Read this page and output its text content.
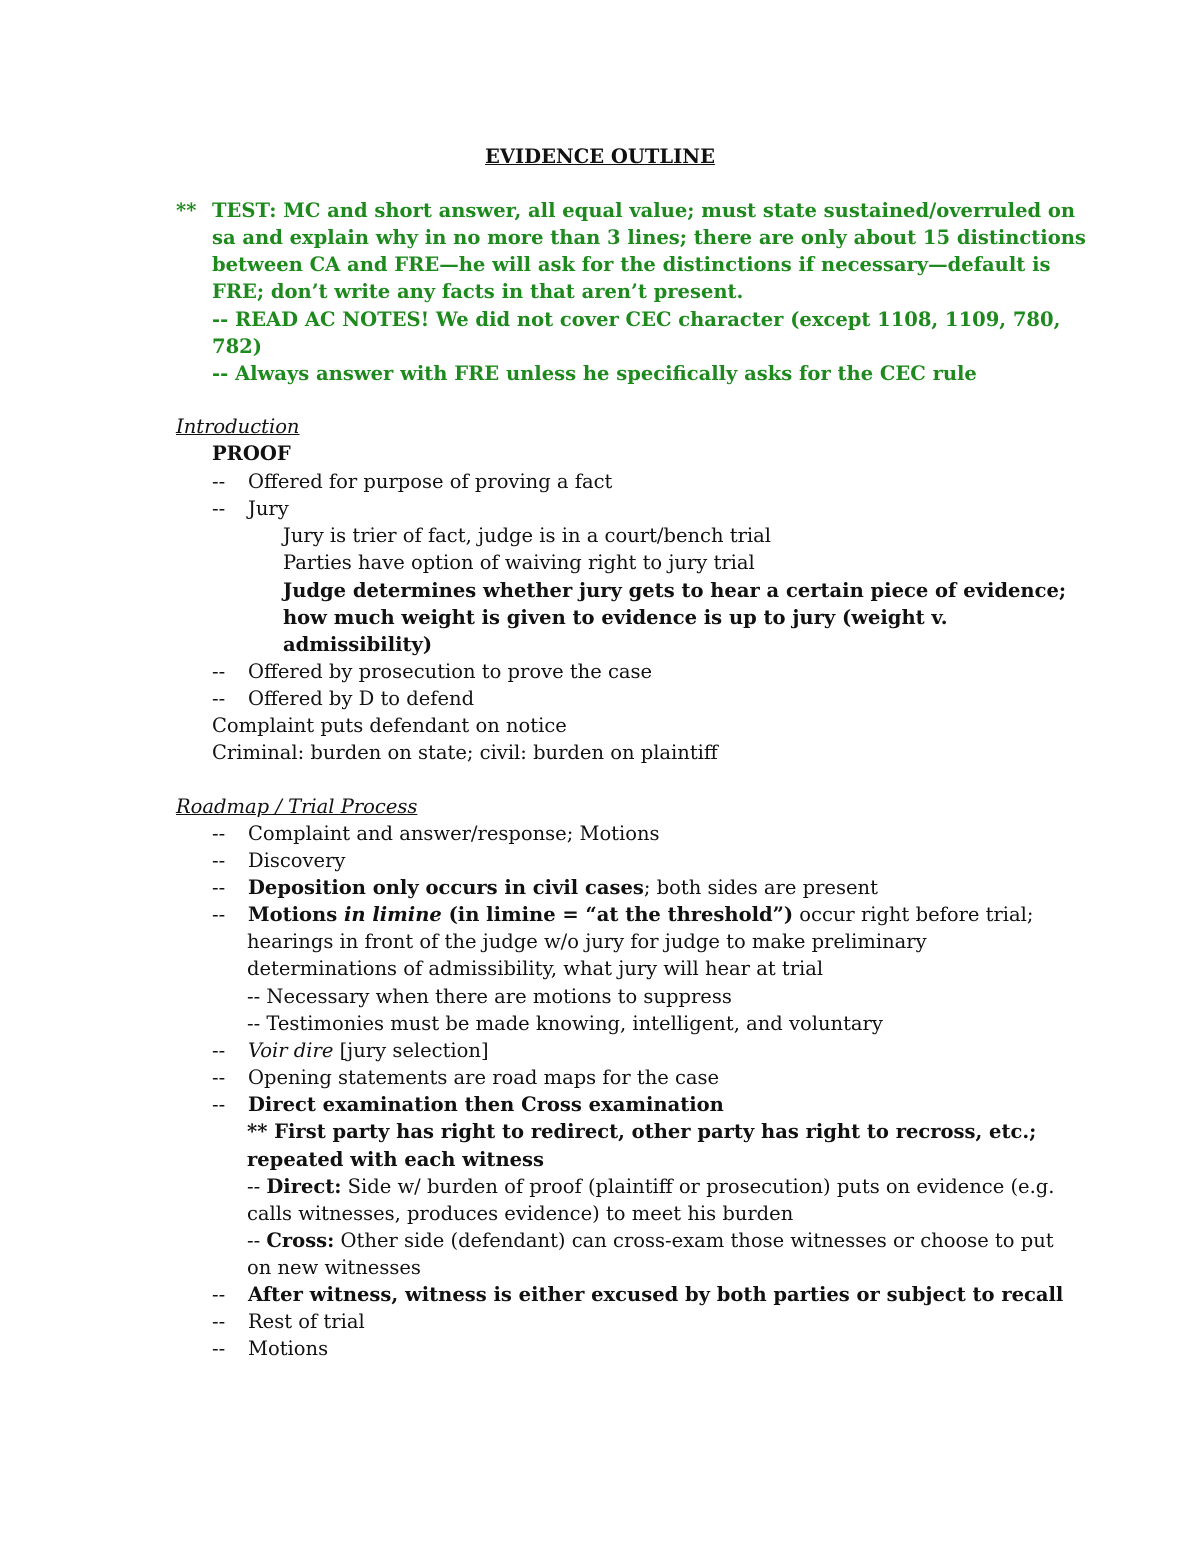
EVIDENCE OUTLINE
** TEST: MC and short answer, all equal value; must state sustained/overruled on
sa and explain why in no more than 3 lines; there are only about 15 distinctions
between CA and FRE—he will ask for the distinctions if necessary—default is
FRE; don’t write any facts in that aren’t present.
-- READ AC NOTES! We did not cover CEC character (except 1108, 1109, 780,
782)
-- Always answer with FRE unless he specifically asks for the CEC rule
Introduction
PROOF
-- Offered for purpose of proving a fact
-- Jury
Jury is trier of fact, judge is in a court/bench trial
Parties have option of waiving right to jury trial
Judge determines whether jury gets to hear a certain piece of evidence;
how much weight is given to evidence is up to jury (weight v.
admissibility)
-- Offered by prosecution to prove the case
-- Offered by D to defend
Complaint puts defendant on notice
Criminal: burden on state; civil: burden on plaintiff
Roadmap / Trial Process
-- Complaint and answer/response; Motions
-- Discovery
-- Deposition only occurs in civil cases; both sides are present
-- Motions in limine (in limine = “at the threshold”) occur right before trial;
hearings in front of the judge w/o jury for judge to make preliminary
determinations of admissibility, what jury will hear at trial
-- Necessary when there are motions to suppress
-- Testimonies must be made knowing, intelligent, and voluntary
-- Voir dire [jury selection]
-- Opening statements are road maps for the case
-- Direct examination then Cross examination
** First party has right to redirect, other party has right to recross, etc.;
repeated with each witness
-- Direct: Side w/ burden of proof (plaintiff or prosecution) puts on evidence (e.g.
calls witnesses, produces evidence) to meet his burden
-- Cross: Other side (defendant) can cross-exam those witnesses or choose to put
on new witnesses
-- After witness, witness is either excused by both parties or subject to recall
-- Rest of trial
-- Motions
